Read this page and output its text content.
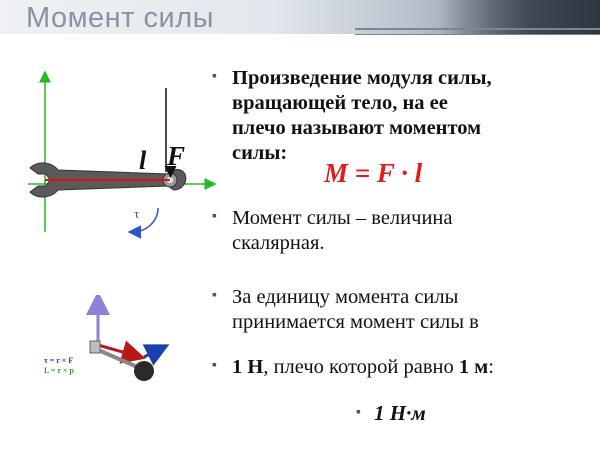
Момент силы
l F
τ
τ = r × F
L = r × p
▪ Произведение модуля силы,
вращающей тело, на ее
плечо называют моментом
силы:
M = F · l
▪ Момент силы – величина
скалярная.
▪ За единицу момента силы
принимается момент силы в
▪ 1 Н, плечо которой равно 1 м:
▪ 1 Н·м
